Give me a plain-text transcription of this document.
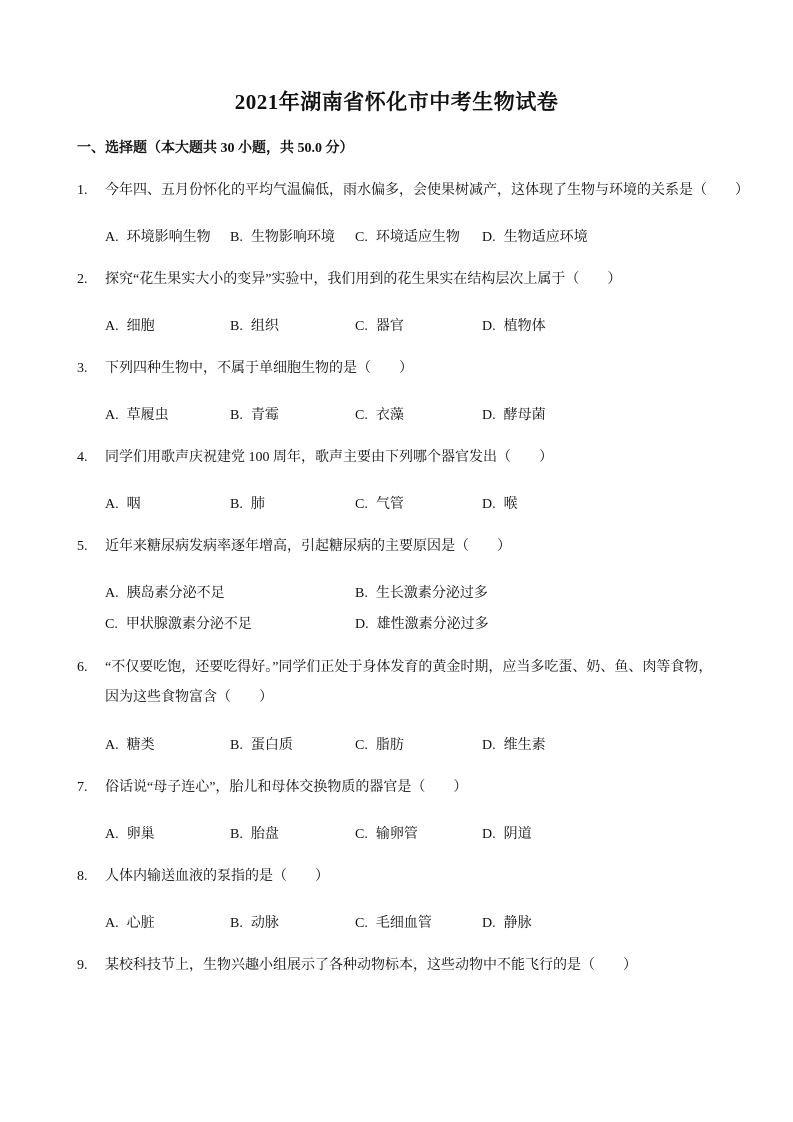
2021年湖南省怀化市中考生物试卷
一、选择题（本大题共 30 小题，共 50.0 分）
1.	今年四、五月份怀化的平均气温偏低，雨水偏多，会使果树减产，这体现了生物与环境的关系是（　　）
A. 环境影响生物 B. 生物影响环境 C. 环境适应生物 D. 生物适应环境
2.	探究“花生果实大小的变异”实验中，我们用到的花生果实在结构层次上属于（　　）
A. 细胞	B. 组织	C. 器官	D. 植物体
3.	下列四种生物中，不属于单细胞生物的是（　　）
A. 草履虫	B. 青霉	C. 衣藻	D. 酵母菌
4.	同学们用歌声庆祝建党 100 周年，歌声主要由下列哪个器官发出（　　）
A. 咽	B. 肺	C. 气管	D. 喉
5.	近年来糖尿病发病率逐年增高，引起糖尿病的主要原因是（　　）
A. 胰岛素分泌不足	B. 生长激素分泌过多
C. 甲状腺激素分泌不足	D. 雄性激素分泌过多
6.	“不仅要吃饱，还要吃得好。”同学们正处于身体发育的黄金时期，应当多吃蛋、奶、鱼、肉等食物，
因为这些食物富含（　　）
A. 糖类	B. 蛋白质	C. 脂肪	D. 维生素
7.	俗话说“母子连心”，胎儿和母体交换物质的器官是（　　）
A. 卵巢	B. 胎盘	C. 输卵管	D. 阴道
8.	人体内输送血液的泵指的是（　　）
A. 心脏	B. 动脉	C. 毛细血管	D. 静脉
9.	某校科技节上，生物兴趣小组展示了各种动物标本，这些动物中不能飞行的是（　　）
